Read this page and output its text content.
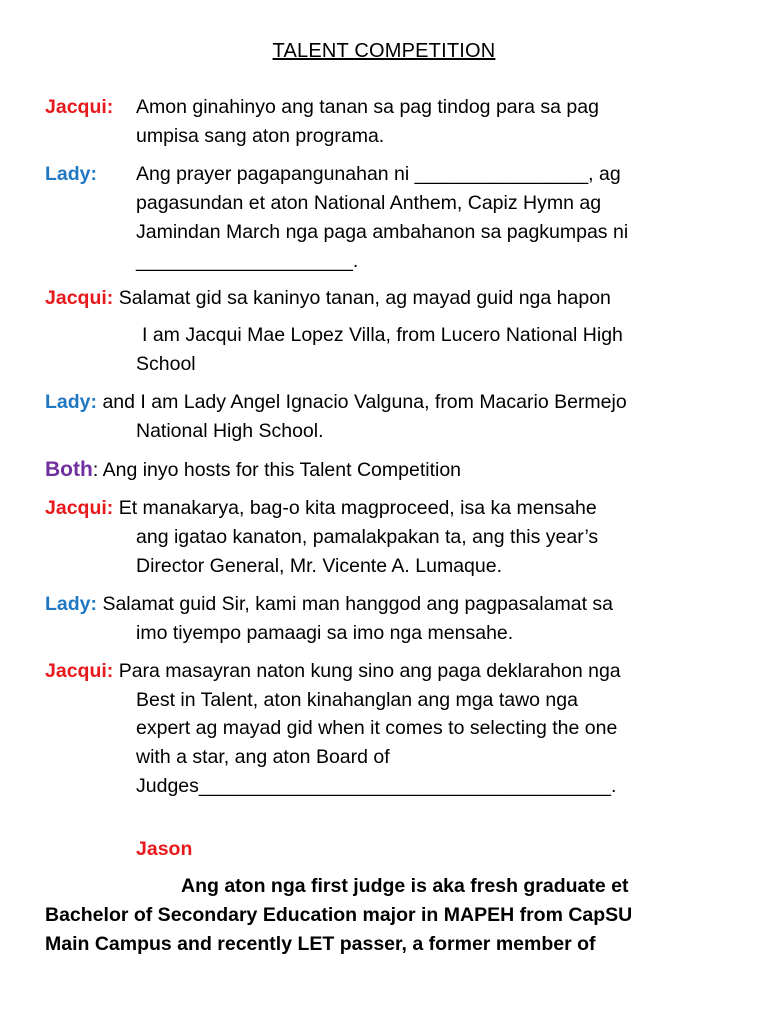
TALENT COMPETITION
Jacqui: Amon ginahinyo ang tanan sa pag tindog para sa pag
umpisa sang aton programa.
Lady: Ang prayer pagapangunahan ni ________________, ag
pagasundan et aton National Anthem, Capiz Hymn ag
Jamindan March nga paga ambahanon sa pagkumpas ni
____________________.
Jacqui: Salamat gid sa kaninyo tanan, ag mayad guid nga hapon
I am Jacqui Mae Lopez Villa, from Lucero National High
School
Lady: and I am Lady Angel Ignacio Valguna, from Macario Bermejo
National High School.
Both: Ang inyo hosts for this Talent Competition
Jacqui: Et manakarya, bag-o kita magproceed, isa ka mensahe
ang igatao kanaton, pamalakpakan ta, ang this year’s
Director General, Mr. Vicente A. Lumaque.
Lady: Salamat guid Sir, kami man hanggod ang pagpasalamat sa
imo tiyempo pamaagi sa imo nga mensahe.
Jacqui: Para masayran naton kung sino ang paga deklarahon nga
Best in Talent, aton kinahanglan ang mga tawo nga
expert ag mayad gid when it comes to selecting the one
with a star, ang aton Board of
Judges______________________________________.
Jason
Ang aton nga first judge is aka fresh graduate et
Bachelor of Secondary Education major in MAPEH from CapSU
Main Campus and recently LET passer, a former member of
